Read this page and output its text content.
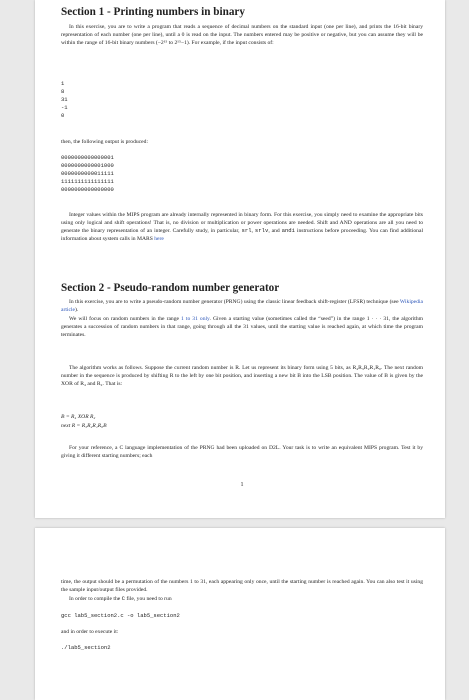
Section 1 - Printing numbers in binary

In this exercise, you are to write a program that reads a sequence of decimal numbers on the standard input (one per line), and prints the 16-bit binary representation of each number (one per line), until a 0 is read on the input. The numbers entered may be positive or negative, but you can assume they will be within the range of 16-bit binary numbers (−2¹⁵ to 2¹⁵−1). For example, if the input consists of:

1
8
31
-1
0

then, the following output is produced:

0000000000000001
0000000000001000
0000000000011111
1111111111111111
0000000000000000

Integer values within the MIPS program are already internally represented in binary form. For this exercise, you simply need to examine the appropriate bits using only logical and shift operations! That is, no division or multiplication or power operations are needed. Shift and AND operations are all you need to generate the binary representation of an integer. Carefully study, in particular, srl, srlv, and andi instructions before proceeding. You can find additional information about system calls in MARS here

Section 2 - Pseudo-random number generator

In this exercise, you are to write a pseudo-random number generator (PRNG) using the classic linear feedback shift-register (LFSR) technique (see Wikipedia article).

We will focus on random numbers in the range 1 to 31 only. Given a starting value (sometimes called the “seed”) in the range 1 · · · 31, the algorithm generates a succession of random numbers in that range, going through all the 31 values, until the starting value is reached again, at which time the program terminates.

The algorithm works as follows. Suppose the current random number is R. Let us represent its binary form using 5 bits, as R₄R₃R₂R₁R₀. The next random number in the sequence is produced by shifting R to the left by one bit position, and inserting a new bit B into the LSB position. The value of B is given by the XOR of R₄ and R₂. That is:

B = R₄ XOR R₂
next R = R₃R₂R₁R₀B

For your reference, a C language implementation of the PRNG had been uploaded on D2L. Your task is to write an equivalent MIPS program. Test it by giving it different starting numbers; each

1

time, the output should be a permutation of the numbers 1 to 31, each appearing only once, until the starting number is reached again. You can also test it using the sample input/output files provided.

In order to compile the C file, you need to run

gcc lab5_section2.c -o lab5_section2

and in order to execute it:

./lab5_section2
